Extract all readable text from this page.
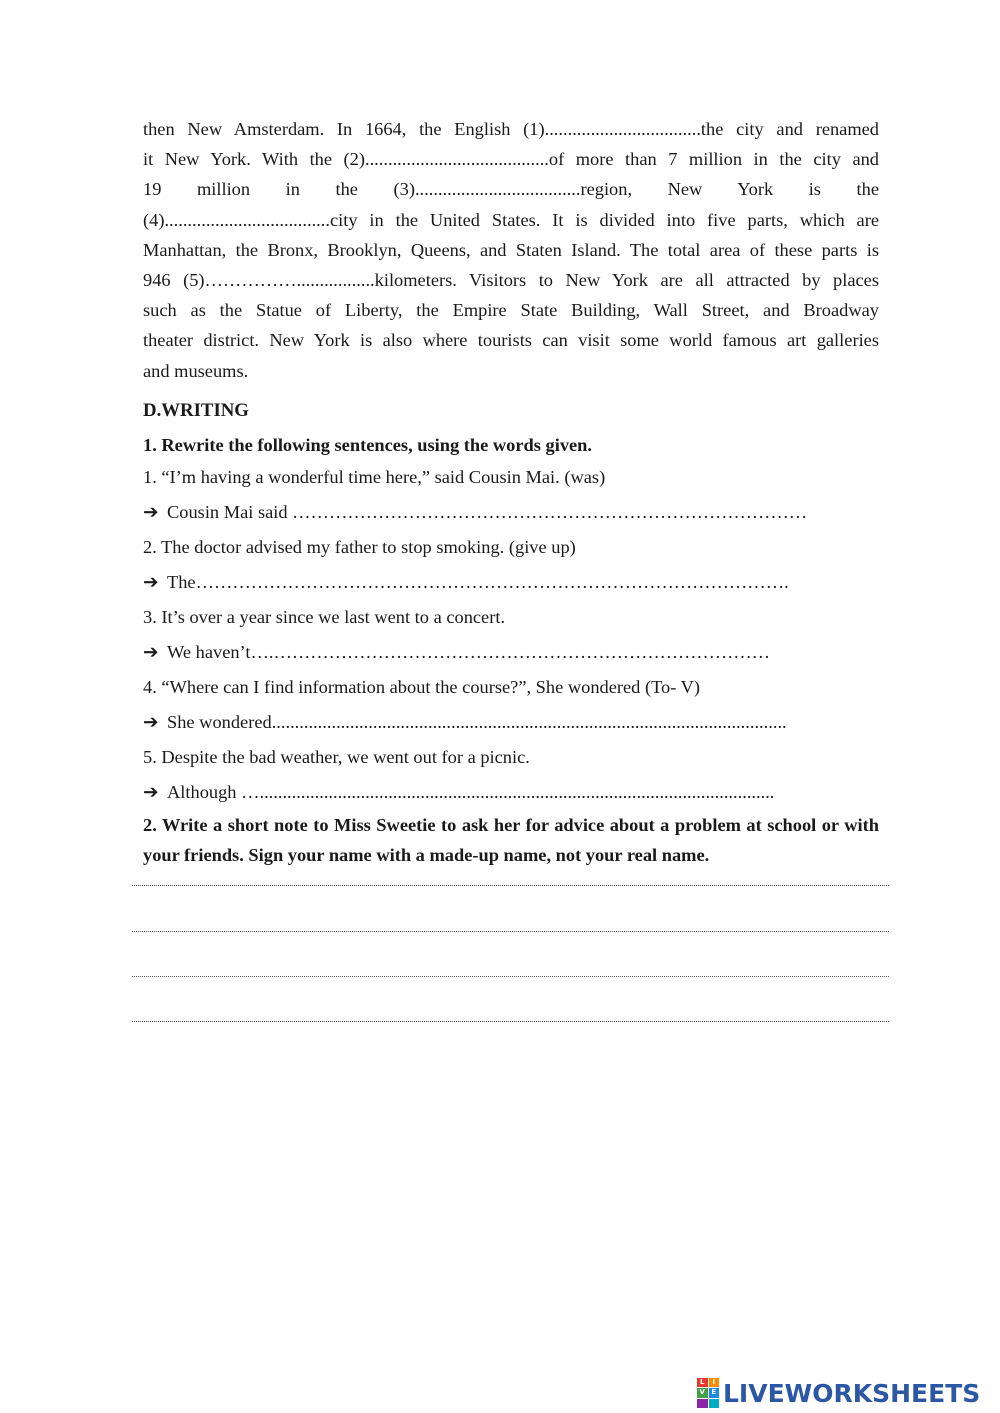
then New Amsterdam. In 1664, the English (1)..................................the city and renamed
it New York. With the (2)........................................of more than 7 million in the city and
19 million in the (3)....................................region, New York is the
(4)....................................city in the United States. It is divided into five parts, which are
Manhattan, the Bronx, Brooklyn, Queens, and Staten Island. The total area of these parts is
946 (5)…………….................kilometers. Visitors to New York are all attracted by places
such as the Statue of Liberty, the Empire State Building, Wall Street, and Broadway
theater district. New York is also where tourists can visit some world famous art galleries
and museums.
D.WRITING
1. Rewrite the following sentences, using the words given.
1. “I’m having a wonderful time here,” said Cousin Mai. (was)
➔ Cousin Mai said …………………………………………………………………………
2. The doctor advised my father to stop smoking. (give up)
➔ The…………………………………………………………………………………….
3. It’s over a year since we last went to a concert.
➔ We haven’t….………………………………………………………………………
4. “Where can I find information about the course?”, She wondered (To- V)
➔ She wondered................................................................................................................
5. Despite the bad weather, we went out for a picnic.
➔ Although …................................................................................................................
2. Write a short note to Miss Sweetie to ask her for advice about a problem at school or with your friends. Sign your name with a made-up name, not your real name.
L	I
V E LIVEWORKSHEETS
